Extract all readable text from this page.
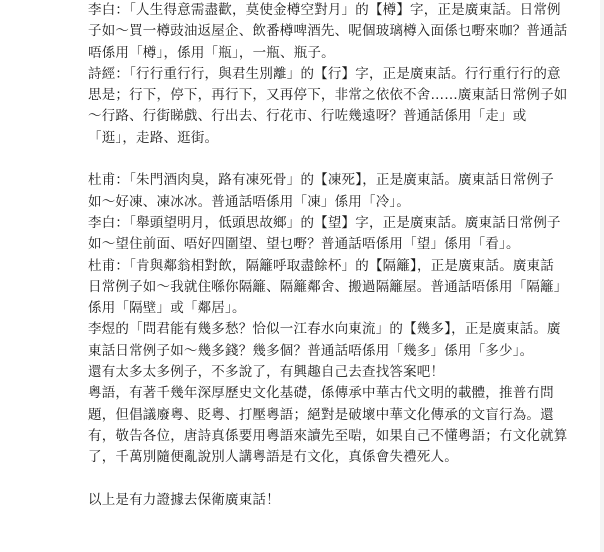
李白：「人生得意需盡歡，莫使金樽空對月」的【樽】字，正是廣東話。日常例
子如～買一樽豉油返屋企、飲番樽啤酒先、呢個玻璃樽入面係乜嘢來咖？普通話
唔係用「樽」，係用「瓶」，一瓶、瓶子。
詩經：「行行重行行，與君生別離」的【行】字，正是廣東話。行行重行行的意
思是；行下，停下，再行下，又再停下，非常之依依不舍……廣東話日常例子如
～行路、行街睇戲、行出去、行花市、行咗幾遠呀？普通話係用「走」或
「逛」，走路、逛街。
杜甫：「朱門酒肉臭，路有凍死骨」的【凍死】，正是廣東話。廣東話日常例子
如～好凍、凍冰冰。普通話唔係用「凍」係用「冷」。
李白：「舉頭望明月，低頭思故鄉」的【望】字，正是廣東話。廣東話日常例子
如～望住前面、唔好四圍望、望乜嘢？普通話唔係用「望」係用「看」。
杜甫：「肯與鄰翁相對飲，隔籬呼取盡餘杯」的【隔籬】，正是廣東話。廣東話
日常例子如～我就住喺你隔籬、隔籬鄰舍、搬過隔籬屋。普通話唔係用「隔籬」
係用「隔壁」或「鄰居」。
李煜的「問君能有幾多愁？恰似一江春水向東流」的【幾多】，正是廣東話。廣
東話日常例子如～幾多錢？幾多個？普通話唔係用「幾多」係用「多少」。
還有太多太多例子，不多說了，有興趣自己去查找答案吧！
粵語，有著千幾年深厚歷史文化基礎，係傳承中華古代文明的載體，推普冇問
題，但倡議廢粵、貶粵、打壓粵語；絕對是破壞中華文化傳承的文盲行為。還
有，敬告各位，唐詩真係要用粵語來讀先至啱，如果自己不懂粵語；冇文化就算
了，千萬別隨便亂說別人講粵語是冇文化，真係會失禮死人。
以上是有力證據去保衛廣東話！
